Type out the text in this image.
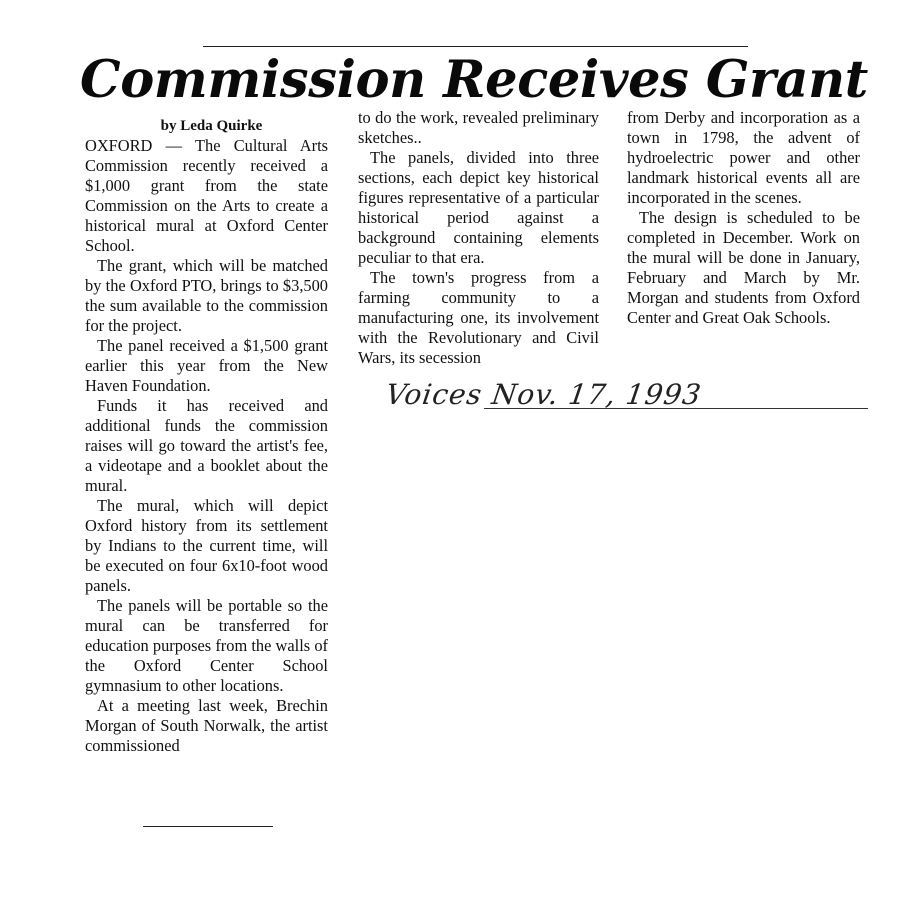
Commission Receives Grant
by Leda Quirke
OXFORD — The Cultural Arts Commission recently received a $1,000 grant from the state Commission on the Arts to create a historical mural at Oxford Center School.
The grant, which will be matched by the Oxford PTO, brings to $3,500 the sum available to the commission for the project.
The panel received a $1,500 grant earlier this year from the New Haven Foundation.
Funds it has received and additional funds the commission raises will go toward the artist's fee, a videotape and a booklet about the mural.
The mural, which will depict Oxford history from its settlement by Indians to the current time, will be executed on four 6x10-foot wood panels.
The panels will be portable so the mural can be transferred for education purposes from the walls of the Oxford Center School gymnasium to other locations.
At a meeting last week, Brechin Morgan of South Norwalk, the artist commissioned
to do the work, revealed preliminary sketches..
The panels, divided into three sections, each depict key historical figures representative of a particular historical period against a background containing elements peculiar to that era.
The town's progress from a farming community to a manufacturing one, its involvement with the Revolutionary and Civil Wars, its secession
from Derby and incorporation as a town in 1798, the advent of hydroelectric power and other landmark historical events all are incorporated in the scenes.
The design is scheduled to be completed in December. Work on the mural will be done in January, February and March by Mr. Morgan and students from Oxford Center and Great Oak Schools.

Voices Nov. 17, 1993
